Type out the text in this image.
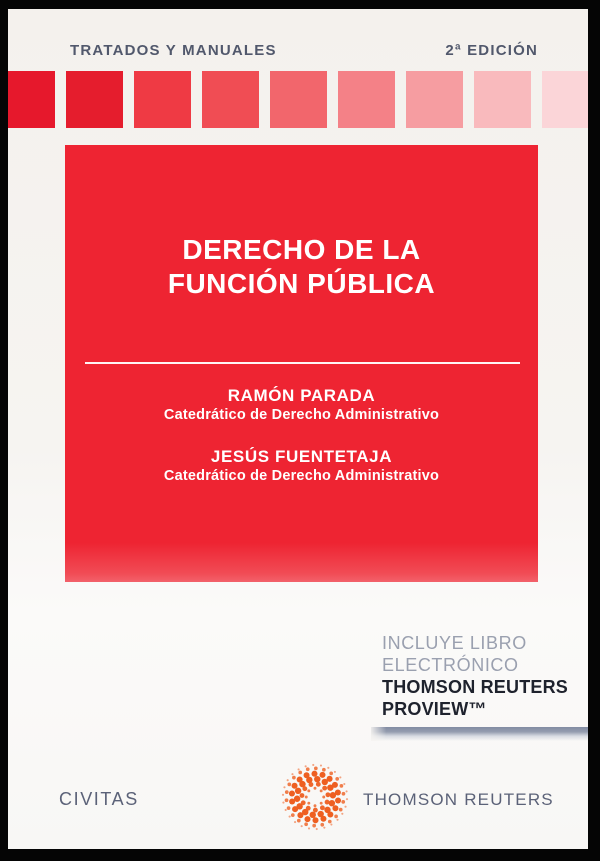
TRATADOS Y MANUALES	2ª EDICIÓN
DERECHO DE LA
FUNCIÓN PÚBLICA
RAMÓN PARADA
Catedrático de Derecho Administrativo
JESÚS FUENTETAJA
Catedrático de Derecho Administrativo
INCLUYE LIBRO
ELECTRÓNICO
THOMSON REUTERS
PROVIEW™
CIVITAS	THOMSON REUTERS
